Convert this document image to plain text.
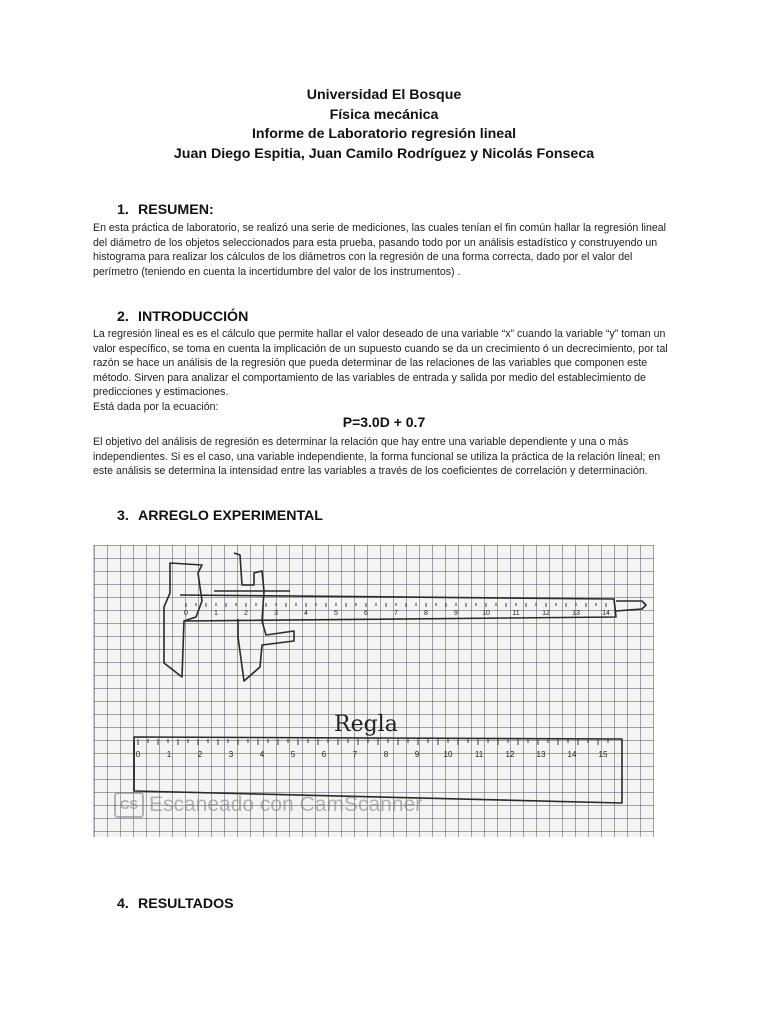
Universidad El Bosque
Física mecánica
Informe de Laboratorio regresión lineal
Juan Diego Espitia, Juan Camilo Rodríguez y Nicolás Fonseca
1. RESUMEN:
En esta práctica de laboratorio, se realizó una serie de mediciones, las cuales tenían el fin común hallar la regresión lineal del diámetro de los objetos seleccionados para esta prueba, pasando todo por un análisis estadístico y construyendo un histograma para realizar los cálculos de los diámetros con la regresión de una forma correcta, dado por el valor del perímetro (teniendo en cuenta la incertidumbre del valor de los instrumentos) .
2. INTRODUCCIÓN
La regresión lineal es es el cálculo que permite hallar el valor deseado de una variable “x” cuando la variable “y” toman un valor específico, se toma en cuenta la implicación de un supuesto cuando se da un crecimiento ó un decrecimiento, por tal razón se hace un análisis de la regresión que pueda determinar de las relaciones de las variables que componen este método. Sirven para analizar el comportamiento de las variables de entrada y salida por medio del establecimiento de predicciones y estimaciones.
Está dada por la ecuación:
P=3.0D + 0.7
El objetivo del análisis de regresión es determinar la relación que hay entre una variable dependiente y una o más independientes. Si es el caso, una variable independiente, la forma funcional se utiliza la práctica de la relación lineal; en este análisis se determina la intensidad entre las variables a través de los coeficientes de correlación y determinación.
3. ARREGLO EXPERIMENTAL
0	1	2	3	4	5	6	7	8	9	10	11	12	13	14
0	1	2	3	4	5	6	7	8	9	10	11	12	13	14	15
Regla
CS Escaneado con CamScanner
4. RESULTADOS
